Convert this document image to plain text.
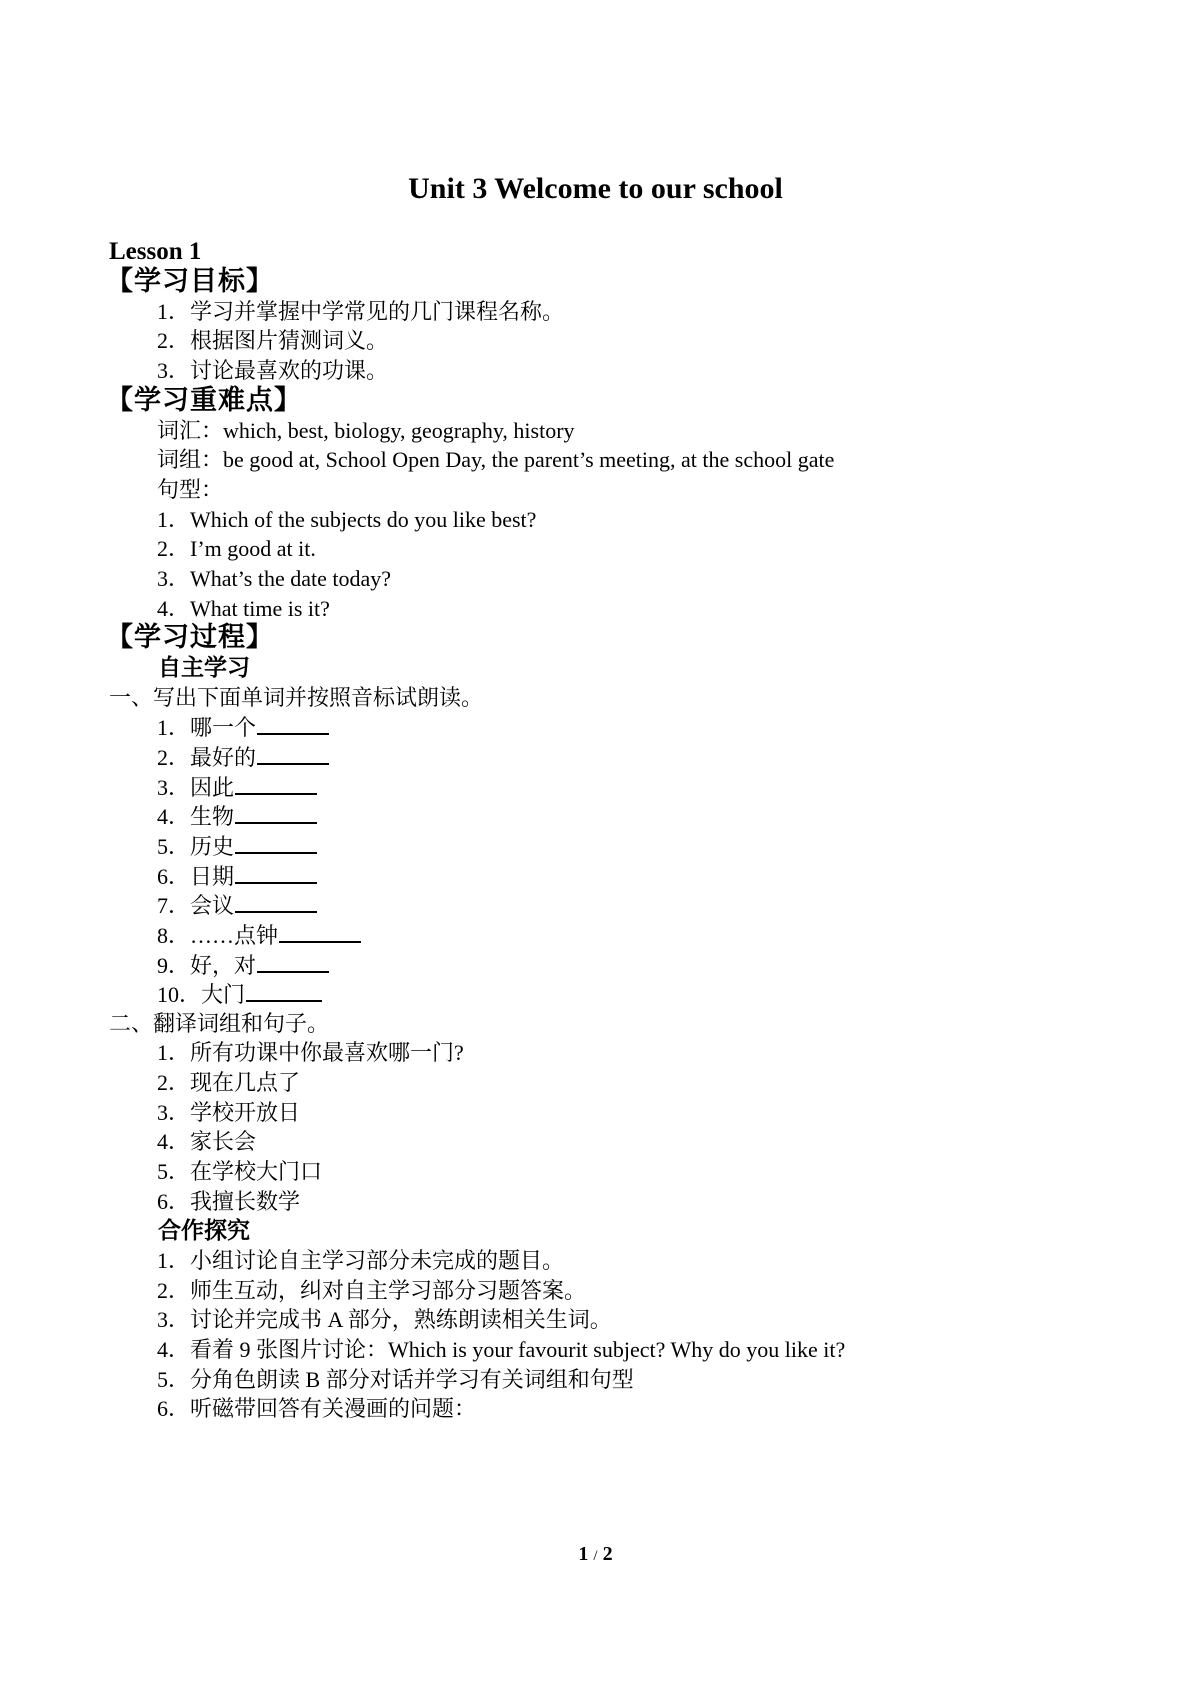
Unit 3 Welcome to our school
Lesson 1
【学习目标】
1．学习并掌握中学常见的几门课程名称。
2．根据图片猜测词义。
3．讨论最喜欢的功课。
【学习重难点】
词汇：which, best, biology, geography, history
词组：be good at, School Open Day, the parent’s meeting, at the school gate
句型：
1．Which of the subjects do you like best?
2．I’m good at it.
3．What’s the date today?
4．What time is it?
【学习过程】
自主学习
一、写出下面单词并按照音标试朗读。
1．哪一个
2．最好的
3．因此
4．生物
5．历史
6．日期
7．会议
8．……点钟
9．好，对
10．大门
二、翻译词组和句子。
1．所有功课中你最喜欢哪一门?
2．现在几点了
3．学校开放日
4．家长会
5．在学校大门口
6．我擅长数学
合作探究
1．小组讨论自主学习部分未完成的题目。
2．师生互动，纠对自主学习部分习题答案。
3．讨论并完成书 A 部分，熟练朗读相关生词。
4．看着 9 张图片讨论：Which is your favourit subject? Why do you like it?
5．分角色朗读 B 部分对话并学习有关词组和句型
6．听磁带回答有关漫画的问题：
1 / 2
